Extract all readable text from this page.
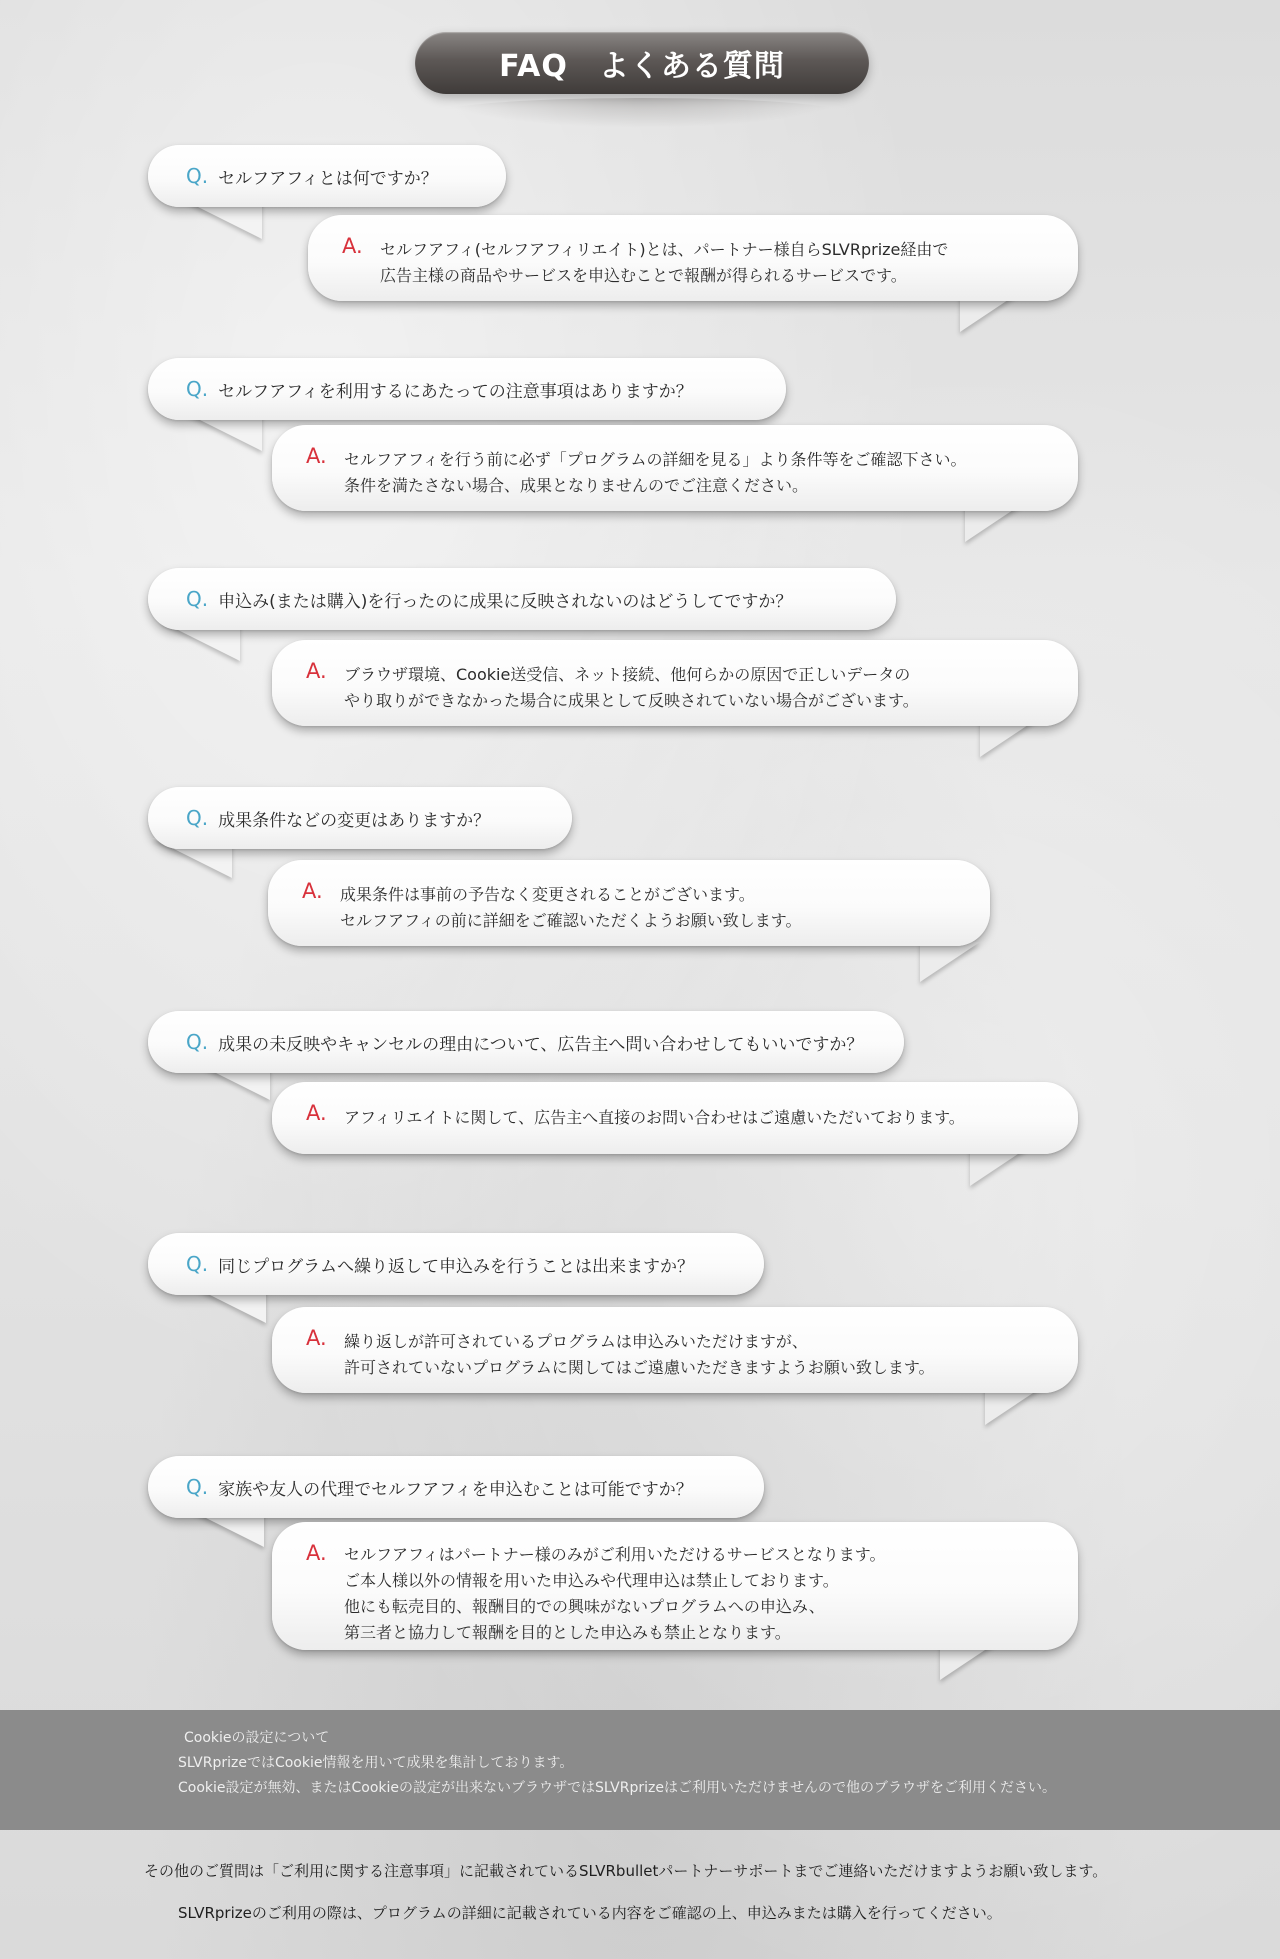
FAQ　よくある質問
Q. セルフアフィとは何ですか？
A. セルフアフィ(セルフアフィリエイト)とは、パートナー様自らSLVRprize経由で
広告主様の商品やサービスを申込むことで報酬が得られるサービスです。
Q. セルフアフィを利用するにあたっての注意事項はありますか？
A. セルフアフィを行う前に必ず「プログラムの詳細を見る」より条件等をご確認下さい。
条件を満たさない場合、成果となりませんのでご注意ください。
Q. 申込み(または購入)を行ったのに成果に反映されないのはどうしてですか？
A. ブラウザ環境、Cookie送受信、ネット接続、他何らかの原因で正しいデータの
やり取りができなかった場合に成果として反映されていない場合がございます。
Q. 成果条件などの変更はありますか？
A. 成果条件は事前の予告なく変更されることがございます。
セルフアフィの前に詳細をご確認いただくようお願い致します。
Q. 成果の未反映やキャンセルの理由について、広告主へ問い合わせしてもいいですか？
A. アフィリエイトに関して、広告主へ直接のお問い合わせはご遠慮いただいております。
Q. 同じプログラムへ繰り返して申込みを行うことは出来ますか？
A. 繰り返しが許可されているプログラムは申込みいただけますが、
許可されていないプログラムに関してはご遠慮いただきますようお願い致します。
Q. 家族や友人の代理でセルフアフィを申込むことは可能ですか？
A. セルフアフィはパートナー様のみがご利用いただけるサービスとなります。
ご本人様以外の情報を用いた申込みや代理申込は禁止しております。
他にも転売目的、報酬目的での興味がないプログラムへの申込み、
第三者と協力して報酬を目的とした申込みも禁止となります。
Cookieの設定について
SLVRprizeではCookie情報を用いて成果を集計しております。
Cookie設定が無効、またはCookieの設定が出来ないブラウザではSLVRprizeはご利用いただけませんので他のブラウザをご利用ください。
その他のご質問は「ご利用に関する注意事項」に記載されているSLVRbulletパートナーサポートまでご連絡いただけますようお願い致します。
SLVRprizeのご利用の際は、プログラムの詳細に記載されている内容をご確認の上、申込みまたは購入を行ってください。
